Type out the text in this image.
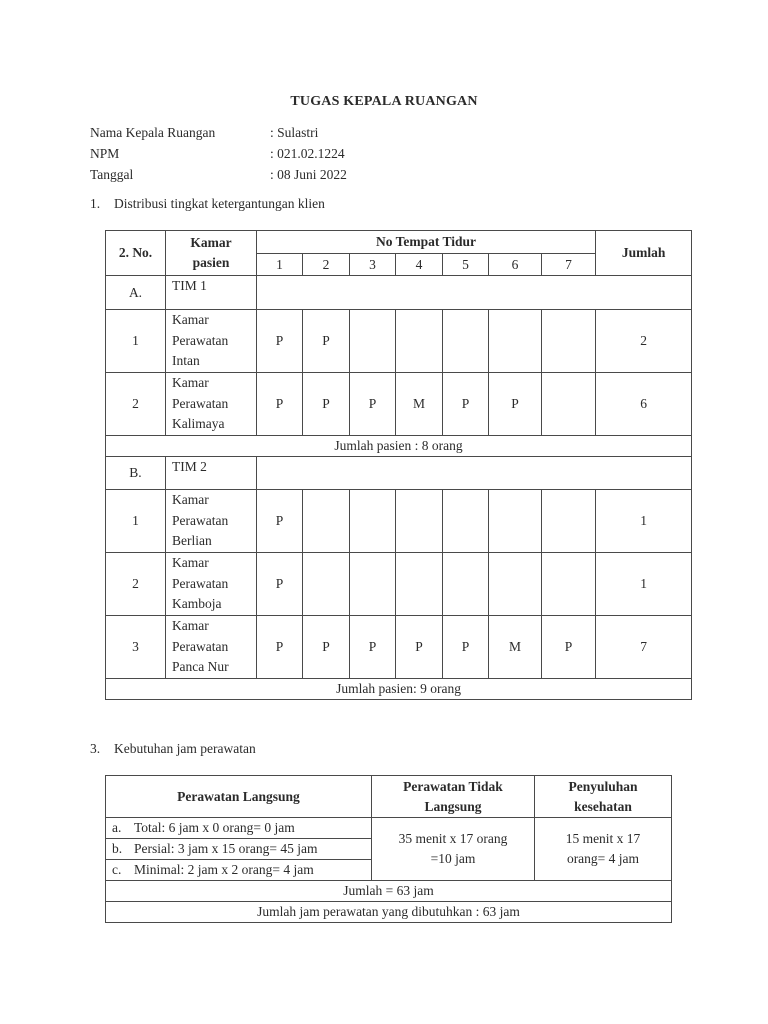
TUGAS KEPALA RUANGAN
Nama Kepala Ruangan	: Sulastri
NPM	: 021.02.1224
Tanggal	: 08 Juni 2022
1. Distribusi tingkat ketergantungan klien
2. No.	Kamar
pasien	No Tempat Tidur							Jumlah
		1	2	3	4	5	6	7	
A.	TIM 1								
1	Kamar
Perawatan
Intan	P	P						2
2	Kamar
Perawatan
Kalimaya	P	P	P	M	P	P		6
Jumlah pasien : 8 orang									
B.	TIM 2								
1	Kamar
Perawatan
Berlian	P							1
2	Kamar
Perawatan
Kamboja	P							1
3	Kamar
Perawatan
Panca Nur	P	P	P	P	P	M	P	7
Jumlah pasien: 9 orang									
3. Kebutuhan jam perawatan
Perawatan Langsung	Perawatan Tidak
Langsung	Penyuluhan
kesehatan

a. Total: 6 jam x 0 orang= 0 jam	35 menit x 17 orang
=10 jam	15 menit x 17
orang= 4 jam

b. Persial: 3 jam x 15 orang= 45 jam		

c. Minimal: 2 jam x 2 orang= 4 jam		

Jumlah = 63 jam		
Jumlah jam perawatan yang dibutuhkan : 63 jam		
